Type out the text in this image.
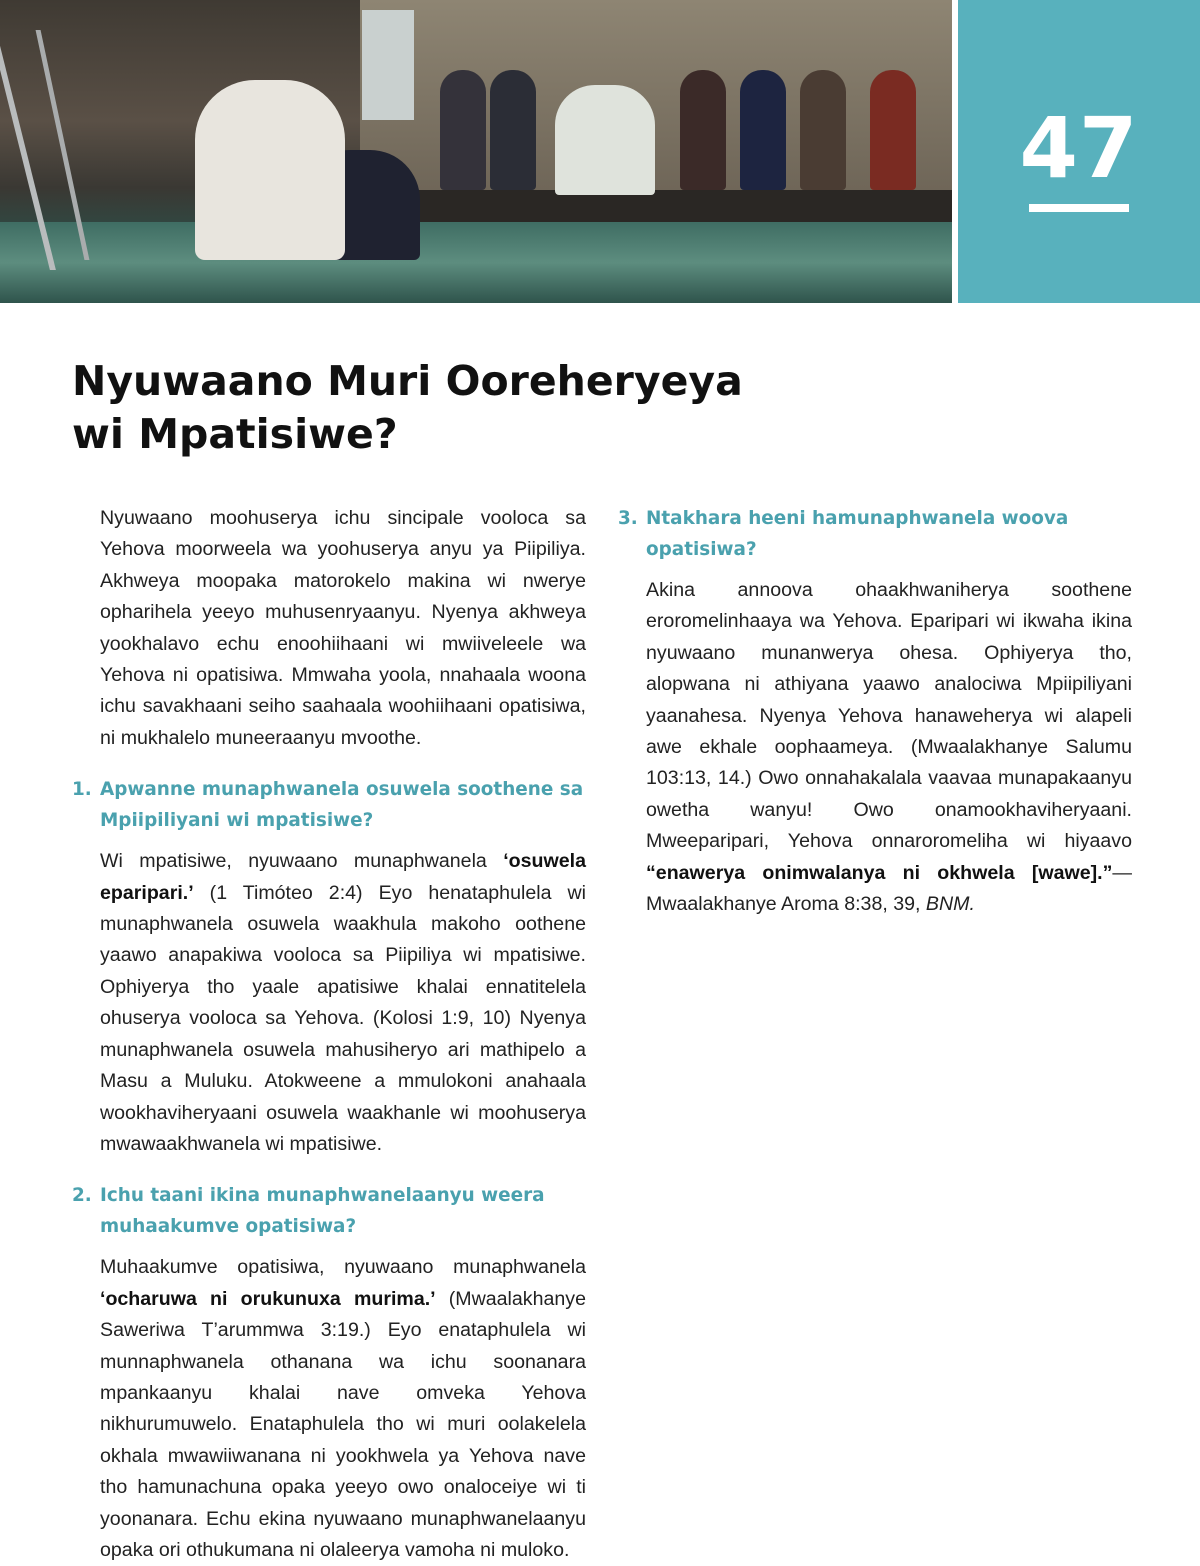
47
Nyuwaano Muri Ooreheryeya
wi Mpatisiwe?

Nyuwaano moohuserya ichu sincipale vooloca sa Yehova moorweela wa yoohuserya anyu ya Piipiliya. Akhweya moopaka matorokelo makina wi nwerye opharihela yeeyo muhusenryaanyu. Nyenya akhweya yookhalavo echu enoohiihaani wi mwiiveleele wa Yehova ni opatisiwa. Mmwaha yoola, nnahaala woona ichu savakhaani seiho saahaala woohiihaani opatisiwa, ni mukhalelo muneeraanyu mvoothe.

1. Apwanne munaphwanela osuwela soothene sa Mpiipiliyani wi mpatisiwe?

Wi mpatisiwe, nyuwaano munaphwanela ‘osuwela eparipari.’ (1 Timóteo 2:4) Eyo henataphulela wi munaphwanela osuwela waakhula makoho oothene yaawo anapakiwa vooloca sa Piipiliya wi mpatisiwe. Ophiyerya tho yaale apatisiwe khalai ennatitelela ohuserya vooloca sa Yehova. (Kolosi 1:9, 10) Nyenya munaphwanela osuwela mahusiheryo ari mathipelo a Masu a Muluku. Atokweene a mmulokoni anahaala wookhaviheryaani osuwela waakhanle wi moohuserya mwawaakhwanela wi mpatisiwe.

2. Ichu taani ikina munaphwanelaanyu weera muhaakumve opatisiwa?

Muhaakumve opatisiwa, nyuwaano munaphwanela ‘ocharuwa ni orukunuxa murima.’ (Mwaalakhanye Saweriwa T’arummwa 3:19.) Eyo enataphulela wi munnaphwanela othanana wa ichu soonanara mpankaanyu khalai nave omveka Yehova nikhurumuwelo. Enataphulela tho wi muri oolakelela okhala mwawiiwanana ni yookhwela ya Yehova nave tho hamunachuna opaka yeeyo owo onaloceiye wi ti yoonanara. Echu ekina nyuwaano munaphwanelaanyu opaka ori othukumana ni olaleerya vamoha ni muloko.

3. Ntakhara heeni hamunaphwanela woova opatisiwa?

Akina annoova ohaakhwaniherya soothene eroromelinhaaya wa Yehova. Eparipari wi ikwaha ikina nyuwaano munanwerya ohesa. Ophiyerya tho, alopwana ni athiyana yaawo analociwa Mpiipiliyani yaanahesa. Nyenya Yehova hanaweherya wi alapeli awe ekhale oophaameya. (Mwaalakhanye Salumu 103:13, 14.) Owo onnahakalala vaavaa munapakaanyu owetha wanyu! Owo onamookhaviheryaani. Mweeparipari, Yehova onnaroromeliha wi hiyaavo “enawerya onimwalanya ni okhwela [wawe].”—Mwaalakhanye Aroma 8:38, 39, BNM.
